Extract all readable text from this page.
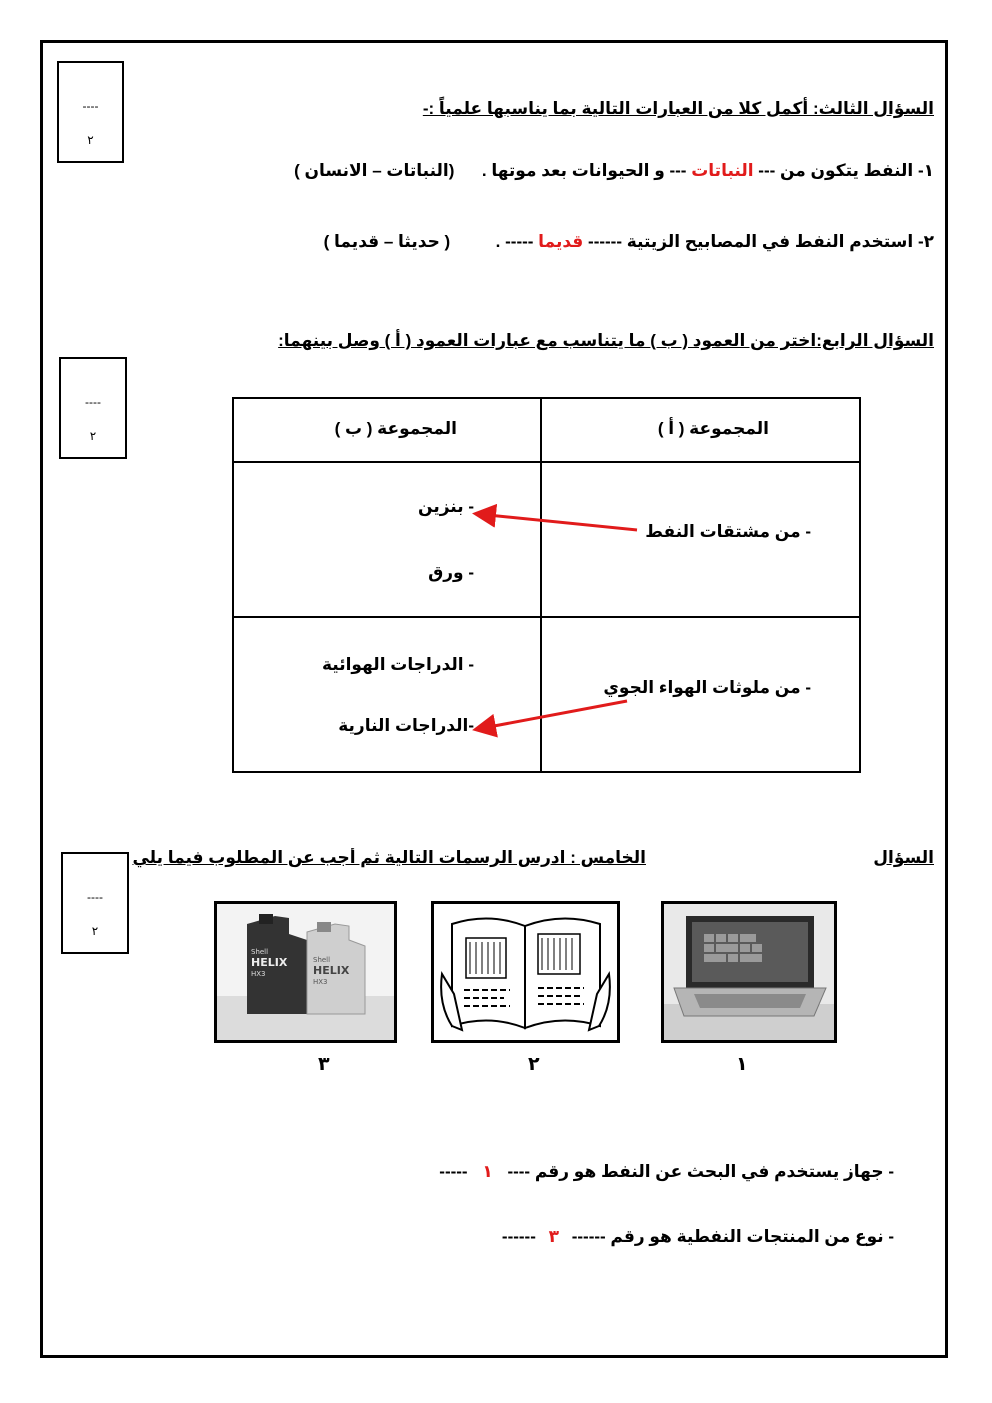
----
٢
----
٢
----
٢
السؤال الثالث: أكمل كلا من العبارات التالية بما يناسبها علمياً :-
١- النفط يتكون من --- النباتات --- و الحيوانات بعد موتها .  (النباتات – الانسان )
٢- استخدم النفط في المصابيح الزيتية ------ قديما ----- .  ( حديثا – قديما )
السؤال الرابع:اختر من العمود ( ب ) ما يتناسب مع عبارات العمود ( أ ) وصل بينهما:
المجموعة ( أ )
المجموعة ( ب )
- من مشتقات النفط
- بنزين
- ورق
- من ملوثات الهواء الجوي
- الدراجات الهوائية
-الدراجات النارية
السؤال
الخامس : ادرس الرسمات التالية ثم أجب عن المطلوب فيما يلي
Shell
HELIX
HX3
Shell
HELIX
HX3
٣	٢	١
- جهاز يستخدم في البحث عن النفط هو رقم ---- ١ -----
- نوع من المنتجات النفطية هو رقم ------ ٣ ------
